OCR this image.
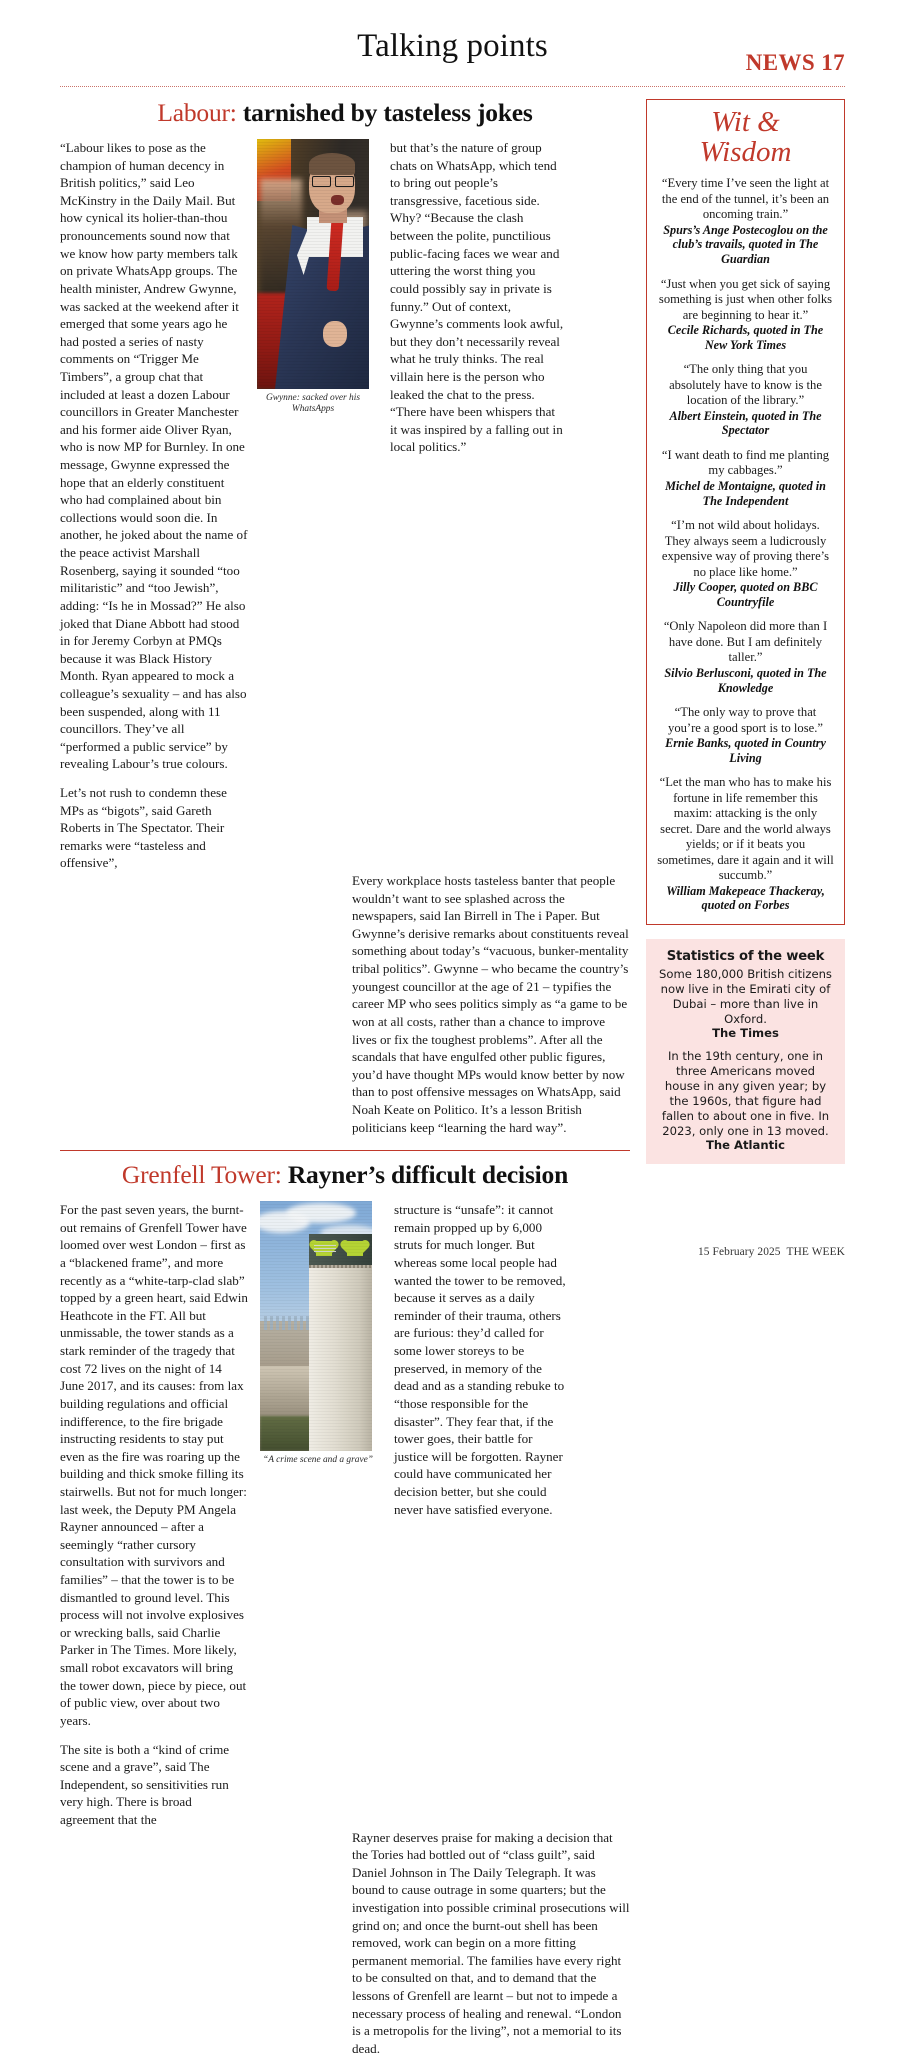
Talking points	NEWS 17
Labour: tarnished by tasteless jokes

“Labour likes to pose as the champion of human decency in British politics,” said Leo McKinstry in the Daily Mail. But how cynical its holier-than-thou pronouncements sound now that we know how party members talk on private WhatsApp groups. The health minister, Andrew Gwynne, was sacked at the weekend after it emerged that some years ago he had posted a series of nasty comments on “Trigger Me Timbers”, a group chat that included at least a dozen Labour councillors in Greater Manchester and his former aide Oliver Ryan, who is now MP for Burnley. In one message, Gwynne expressed the hope that an elderly constituent who had complained about bin collections would soon die. In another, he joked about the name of the peace activist Marshall Rosenberg, saying it sounded “too militaristic” and “too Jewish”, adding: “Is he in Mossad?” He also joked that Diane Abbott had stood in for Jeremy Corbyn at PMQs because it was Black History Month. Ryan appeared to mock a colleague’s sexuality – and has also been suspended, along with 11 councillors. They’ve all “performed a public service” by revealing Labour’s true colours.

Let’s not rush to condemn these MPs as “bigots”, said Gareth Roberts in The Spectator. Their remarks were “tasteless and offensive”,

Gwynne: sacked over his WhatsApps

but that’s the nature of group chats on WhatsApp, which tend to bring out people’s transgressive, facetious side. Why? “Because the clash between the polite, punctilious public-facing faces we wear and uttering the worst thing you could possibly say in private is funny.” Out of context, Gwynne’s comments look awful, but they don’t necessarily reveal what he truly thinks. The real villain here is the person who leaked the chat to the press. “There have been whispers that it was inspired by a falling out in local politics.”

Every workplace hosts tasteless banter that people wouldn’t want to see splashed across the newspapers, said Ian Birrell in The i Paper. But Gwynne’s derisive remarks about constituents reveal something about today’s “vacuous, bunker-mentality tribal politics”. Gwynne – who became the country’s youngest councillor at the age of 21 – typifies the career MP who sees politics simply as “a game to be won at all costs, rather than a chance to improve lives or fix the toughest problems”. After all the scandals that have engulfed other public figures, you’d have thought MPs would know better by now than to post offensive messages on WhatsApp, said Noah Keate on Politico. It’s a lesson British politicians keep “learning the hard way”.

Grenfell Tower: Rayner’s difficult decision

For the past seven years, the burnt-out remains of Grenfell Tower have loomed over west London – first as a “blackened frame”, and more recently as a “white-tarp-clad slab” topped by a green heart, said Edwin Heathcote in the FT. All but unmissable, the tower stands as a stark reminder of the tragedy that cost 72 lives on the night of 14 June 2017, and its causes: from lax building regulations and official indifference, to the fire brigade instructing residents to stay put even as the fire was roaring up the building and thick smoke filling its stairwells. But not for much longer: last week, the Deputy PM Angela Rayner announced – after a seemingly “rather cursory consultation with survivors and families” – that the tower is to be dismantled to ground level. This process will not involve explosives or wrecking balls, said Charlie Parker in The Times. More likely, small robot excavators will bring the tower down, piece by piece, out of public view, over about two years.

The site is both a “kind of crime scene and a grave”, said The Independent, so sensitivities run very high. There is broad agreement that the

“A crime scene and a grave”

structure is “unsafe”: it cannot remain propped up by 6,000 struts for much longer. But whereas some local people had wanted the tower to be removed, because it serves as a daily reminder of their trauma, others are furious: they’d called for some lower storeys to be preserved, in memory of the dead and as a standing rebuke to “those responsible for the disaster”. They fear that, if the tower goes, their battle for justice will be forgotten. Rayner could have communicated her decision better, but she could never have satisfied everyone.

Rayner deserves praise for making a decision that the Tories had bottled out of “class guilt”, said Daniel Johnson in The Daily Telegraph. It was bound to cause outrage in some quarters; but the investigation into possible criminal prosecutions will grind on; and once the burnt-out shell has been removed, work can begin on a more fitting permanent memorial. The families have every right to be consulted on that, and to demand that the lessons of Grenfell are learnt – but not to impede a necessary process of healing and renewal. “London is a metropolis for the living”, not a memorial to its dead.

Wit &
Wisdom
“Every time I’ve seen the light at the end of the tunnel, it’s been an oncoming train.”
Spurs’s Ange Postecoglou on the club’s travails, quoted in The Guardian
“Just when you get sick of saying something is just when other folks are beginning to hear it.”
Cecile Richards, quoted in The New York Times
“The only thing that you absolutely have to know is the location of the library.”
Albert Einstein, quoted in The Spectator
“I want death to find me planting my cabbages.”
Michel de Montaigne, quoted in The Independent
“I’m not wild about holidays. They always seem a ludicrously expensive way of proving there’s no place like home.”
Jilly Cooper, quoted on BBC Countryfile
“Only Napoleon did more than I have done. But I am definitely taller.”
Silvio Berlusconi, quoted in The Knowledge
“The only way to prove that you’re a good sport is to lose.”
Ernie Banks, quoted in Country Living
“Let the man who has to make his fortune in life remember this maxim: attacking is the only secret. Dare and the world always yields; or if it beats you sometimes, dare it again and it will succumb.”
William Makepeace Thackeray, quoted on Forbes
Statistics of the week
Some 180,000 British citizens now live in the Emirati city of Dubai – more than live in Oxford.
The Times
In the 19th century, one in three Americans moved house in any given year; by the 1960s, that figure had fallen to about one in five. In 2023, only one in 13 moved.
The Atlantic
15 February 2025 THE WEEK
